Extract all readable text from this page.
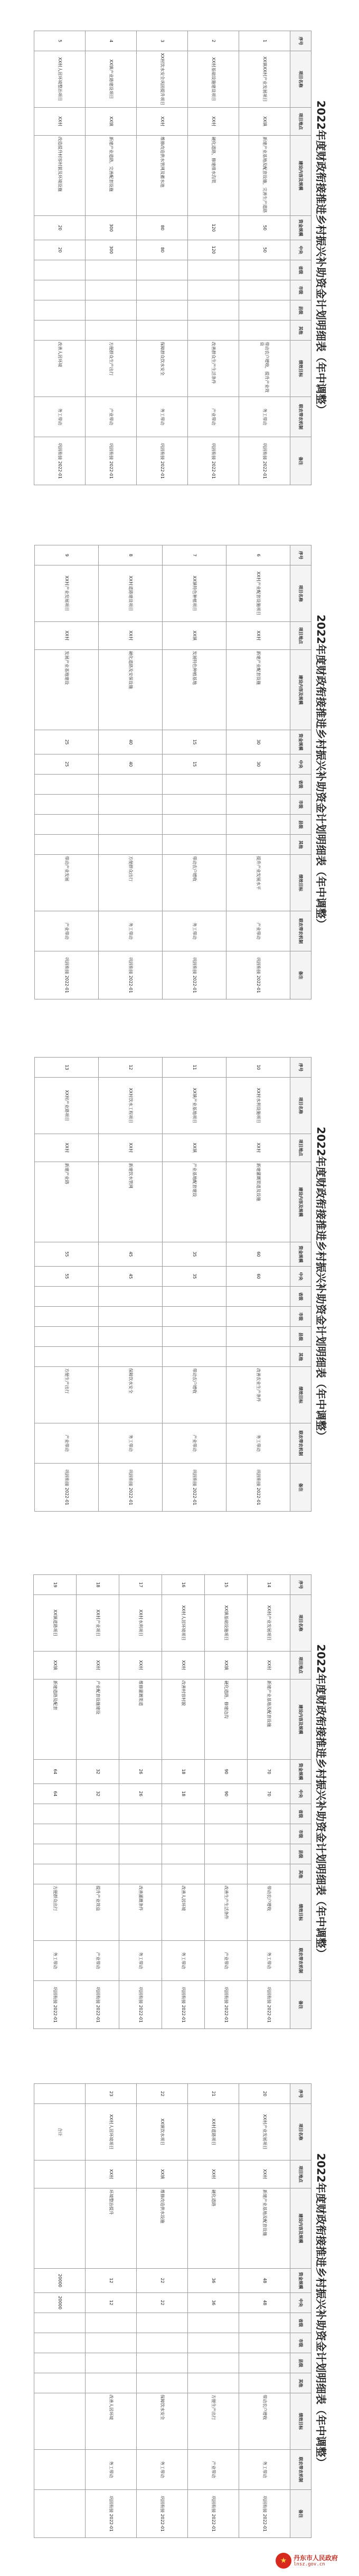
2022年度财政衔接推进乡村振兴补助资金计划明细表（年中调整）
序号	项目名称	项目地点	建设内容及规模	资金规模	中央	省级	市级	县级	其他	绩效目标	联农带农机制	备注
1	XX镇XX村产业发展项目	XX镇	新建产业基地及配套设施，完善生产道路	50	50					带动农户增收，提升产业效益	务工带动	巩固衔接 2022-01
2	XX村基础设施建设项目	XX村	硬化道路，修建排水沟渠	120	120					改善群众生产生活条件	产业带动	巩固衔接 2022-01
3	XX村饮水安全巩固提升项目	XX村	维修改造供水管网及蓄水池	80	80					保障群众饮水安全	务工带动	巩固衔接 2022-01
4	XX镇产业路建设项目	XX镇	新建产业道路，完善配套设施	300	300					方便群众生产出行	产业带动	巩固衔接 2022-01
5	XX村人居环境整治项目	XX村	改造提升村容村貌及环境设施	20	20					改善人居环境	务工带动	巩固衔接 2022-01
2022年度财政衔接推进乡村振兴补助资金计划明细表（年中调整）
序号	项目名称	项目地点	建设内容及规模	资金规模	中央	省级	市级	县级	其他	绩效目标	联农带农机制	备注
6	XX村产业配套设施项目	XX村	新建产业配套设施	30	30					提升产业发展水平	产业带动	巩固衔接 2022-01
7	XX镇特色种植项目	XX镇	发展特色种植基地	15	15					带动农户增收	务工带动	巩固衔接 2022-01
8	XX村道路建设项目	XX村	硬化道路及安保设施	40	40					方便群众出行	务工带动	巩固衔接 2022-01
9	XX村产业发展项目	XX村	发展产业基地建设	25	25					带动产业发展	产业带动	巩固衔接 2022-01
2022年度财政衔接推进乡村振兴补助资金计划明细表（年中调整）
序号	项目名称	项目地点	建设内容及规模	资金规模	中央	省级	市级	县级	其他	绩效目标	联农带农机制	备注
10	XX村水利设施项目	XX村	新建灌溉渠道及设施	60	60					改善农业生产条件	务工带动	巩固衔接 2022-01
11	XX镇产业基地项目	XX镇	产业基地配套建设	35	35					带动农户增收	产业带动	巩固衔接 2022-01
12	XX村饮水工程项目	XX村	新建饮水管网	45	45					保障饮水安全	务工带动	巩固衔接 2022-01
13	XX村产业路项目	XX村	新建产业路	55	55					方便生产出行	产业带动	巩固衔接 2022-01
2022年度财政衔接推进乡村振兴补助资金计划明细表（年中调整）
序号	项目名称	项目地点	建设内容及规模	资金规模	中央	省级	市级	县级	其他	绩效目标	联农带农机制	备注
14	XX村产业发展项目	XX村	新建产业基地及配套设施	70	70					带动农户增收	务工带动	巩固衔接 2022-01
15	XX镇基础设施项目	XX镇	硬化道路，修建边沟	90	90					改善生产生活条件	产业带动	巩固衔接 2022-01
16	XX村人居环境项目	XX村	改善村容村貌	18	18					改善人居环境	务工带动	巩固衔接 2022-01
17	XX村水利项目	XX村	维修灌溉渠道	26	26					改善灌溉条件	务工带动	巩固衔接 2022-01
18	XX村产业项目	XX村	产业配套设施建设	32	32					提升产业效益	产业带动	巩固衔接 2022-01
19	XX镇道路项目	XX镇	新建道路及配套	64	64					方便群众出行	务工带动	巩固衔接 2022-01
2022年度财政衔接推进乡村振兴补助资金计划明细表（年中调整）
序号	项目名称	项目地点	建设内容及规模	资金规模	中央	省级	市级	县级	其他	绩效目标	联农带农机制	备注
20	XX村产业发展项目	XX村	新建产业基地及配套设施	48	48					带动农户增收	务工带动	巩固衔接 2022-01
21	XX村道路项目	XX村	硬化道路	36	36					方便生产出行	产业带动	巩固衔接 2022-01
22	XX镇饮水项目	XX镇	维修改造供水设施	22	22					保障饮水安全	务工带动	巩固衔接 2022-01
23	XX村人居环境项目	XX村	环境整治提升	12	12					改善人居环境	务工带动	巩固衔接 2022-01
	合计			20000	20000							
★	丹东市人民政府
lnsz.gov.cn
